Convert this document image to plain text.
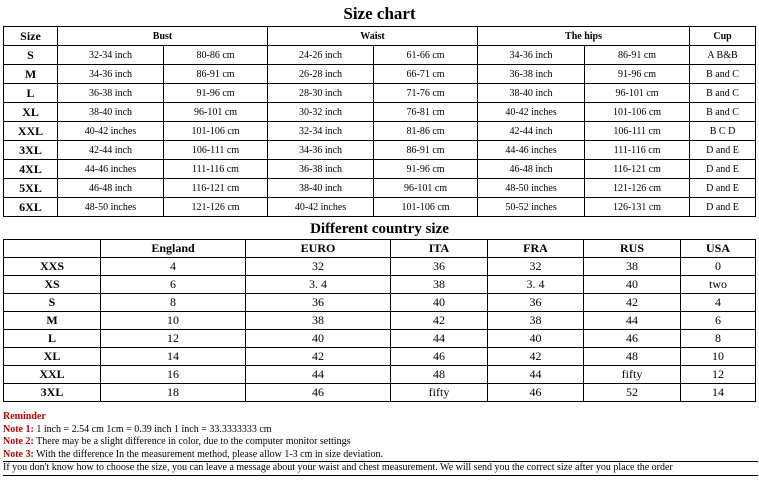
Size chart
Size	Bust		Waist		The hips		Cup
S	32-34 inch	80-86 cm	24-26 inch	61-66 cm	34-36 inch	86-91 cm	A B&B
M	34-36 inch	86-91 cm	26-28 inch	66-71 cm	36-38 inch	91-96 cm	B and C
L	36-38 inch	91-96 cm	28-30 inch	71-76 cm	38-40 inch	96-101 cm	B and C
XL	38-40 inch	96-101 cm	30-32 inch	76-81 cm	40-42 inches	101-106 cm	B and C
XXL	40-42 inches	101-106 cm	32-34 inch	81-86 cm	42-44 inch	106-111 cm	B C D
3XL	42-44 inch	106-111 cm	34-36 inch	86-91 cm	44-46 inches	111-116 cm	D and E
4XL	44-46 inches	111-116 cm	36-38 inch	91-96 cm	46-48 inch	116-121 cm	D and E
5XL	46-48 inch	116-121 cm	38-40 inch	96-101 cm	48-50 inches	121-126 cm	D and E
6XL	48-50 inches	121-126 cm	40-42 inches	101-106 cm	50-52 inches	126-131 cm	D and E
Different country size
	England	EURO	ITA	FRA	RUS	USA
XXS	4	32	36	32	38	0
XS	6	3. 4	38	3. 4	40	two
S	8	36	40	36	42	4
M	10	38	42	38	44	6
L	12	40	44	40	46	8
XL	14	42	46	42	48	10
XXL	16	44	48	44	fifty	12
3XL	18	46	fifty	46	52	14
Reminder
Note 1: 1 inch = 2.54 cm 1cm = 0.39 inch 1 inch = 33.3333333 cm
Note 2: There may be a slight difference in color, due to the computer monitor settings
Note 3: With the difference In the measurement method, please allow 1-3 cm in size deviation.
If you don't know how to choose the size, you can leave a message about your waist and chest measurement. We will send you the correct size after you place the order
